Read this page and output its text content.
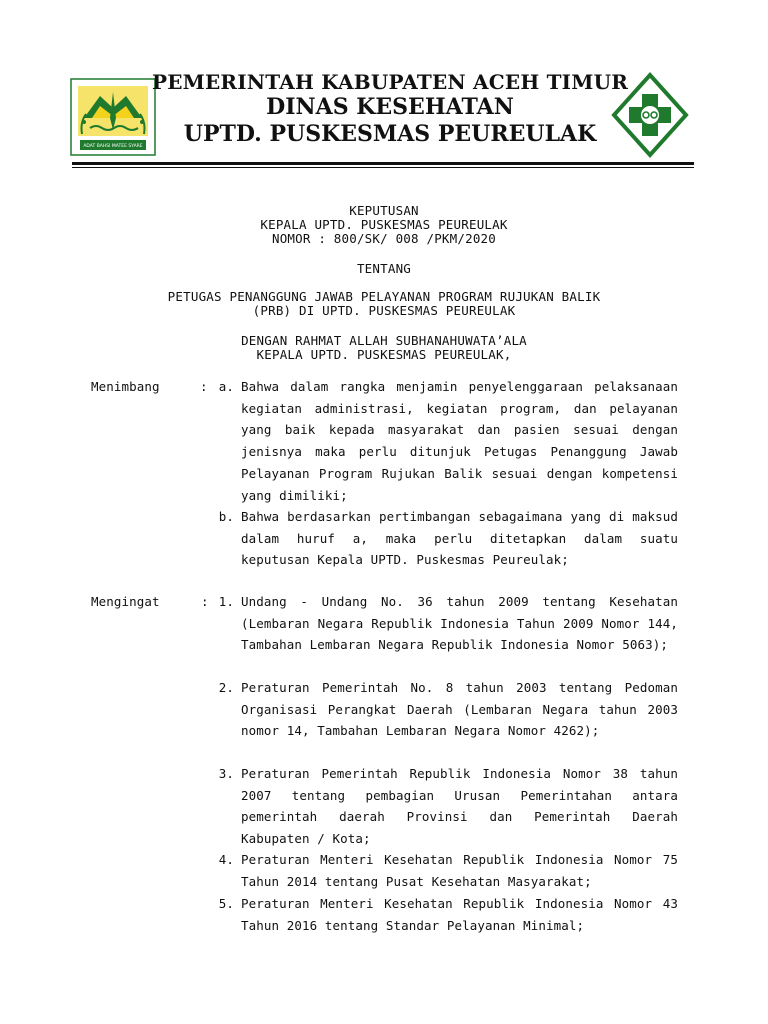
ADAT BAHSI MATEE SYARE
PEMERINTAH KABUPATEN ACEH TIMUR
DINAS KESEHATAN
UPTD. PUSKESMAS PEUREULAK
KEPUTUSAN
KEPALA UPTD. PUSKESMAS PEUREULAK
NOMOR : 800/SK/ 008 /PKM/2020
TENTANG
PETUGAS PENANGGUNG JAWAB PELAYANAN PROGRAM RUJUKAN BALIK
(PRB) DI UPTD. PUSKESMAS PEUREULAK
DENGAN RAHMAT ALLAH SUBHANAHUWATA’ALA
KEPALA UPTD. PUSKESMAS PEUREULAK,
Menimbang	: a. Bahwa dalam rangka menjamin penyelenggaraan pelaksanaan kegiatan administrasi, kegiatan program, dan pelayanan yang baik kepada masyarakat dan pasien sesuai dengan jenisnya maka perlu ditunjuk Petugas Penanggung Jawab Pelayanan Program Rujukan Balik sesuai dengan kompetensi yang dimiliki;
b. Bahwa berdasarkan pertimbangan sebagaimana yang di maksud dalam huruf a, maka perlu ditetapkan dalam suatu keputusan Kepala UPTD. Puskesmas Peureulak;
Mengingat	: 1. Undang - Undang No. 36 tahun 2009 tentang Kesehatan (Lembaran Negara Republik Indonesia Tahun 2009 Nomor 144, Tambahan Lembaran Negara Republik Indonesia Nomor 5063);
2. Peraturan Pemerintah No. 8 tahun 2003 tentang Pedoman Organisasi Perangkat Daerah (Lembaran Negara tahun 2003 nomor 14, Tambahan Lembaran Negara Nomor 4262);
3. Peraturan Pemerintah Republik Indonesia Nomor 38 tahun 2007 tentang pembagian Urusan Pemerintahan antara pemerintah daerah Provinsi dan Pemerintah Daerah Kabupaten / Kota;
4. Peraturan Menteri Kesehatan Republik Indonesia Nomor 75 Tahun 2014 tentang Pusat Kesehatan Masyarakat;
5. Peraturan Menteri Kesehatan Republik Indonesia Nomor 43 Tahun 2016 tentang Standar Pelayanan Minimal;
